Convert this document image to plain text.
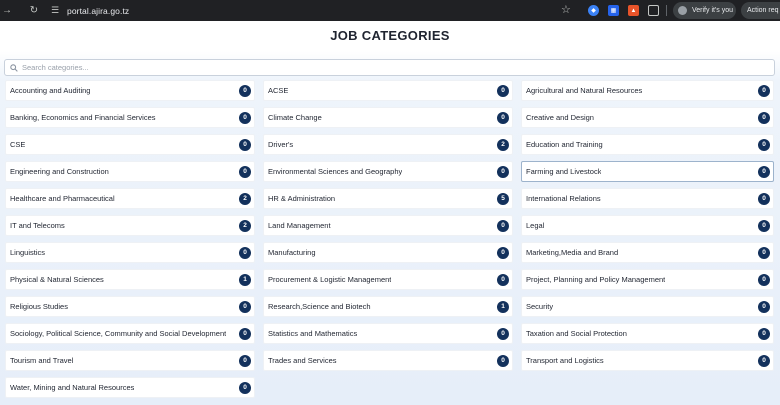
→ ↻	☰ portal.ajira.go.tz	☆	◆	▦	▲	Verify it's you Action req
JOB CATEGORIES
Search categories...
Accounting and Auditing	0	ACSE	0	Agricultural and Natural Resources	0
Banking, Economics and Financial Services	0	Climate Change	0	Creative and Design	0
CSE	0	Driver's	2	Education and Training	0
Engineering and Construction	0	Environmental Sciences and Geography	0	Farming and Livestock	0
Healthcare and Pharmaceutical	2	HR & Administration	5	International Relations	0
IT and Telecoms	2	Land Management	0	Legal	0
Linguistics	0	Manufacturing	0	Marketing,Media and Brand	0
Physical & Natural Sciences	1	Procurement & Logistic Management	0	Project, Planning and Policy Management	0
Religious Studies	0	Research,Science and Biotech	1	Security	0
Sociology, Political Science, Community and Social Development	0	Statistics and Mathematics	0	Taxation and Social Protection	0
Tourism and Travel	0	Trades and Services	0	Transport and Logistics	0
Water, Mining and Natural Resources	0
